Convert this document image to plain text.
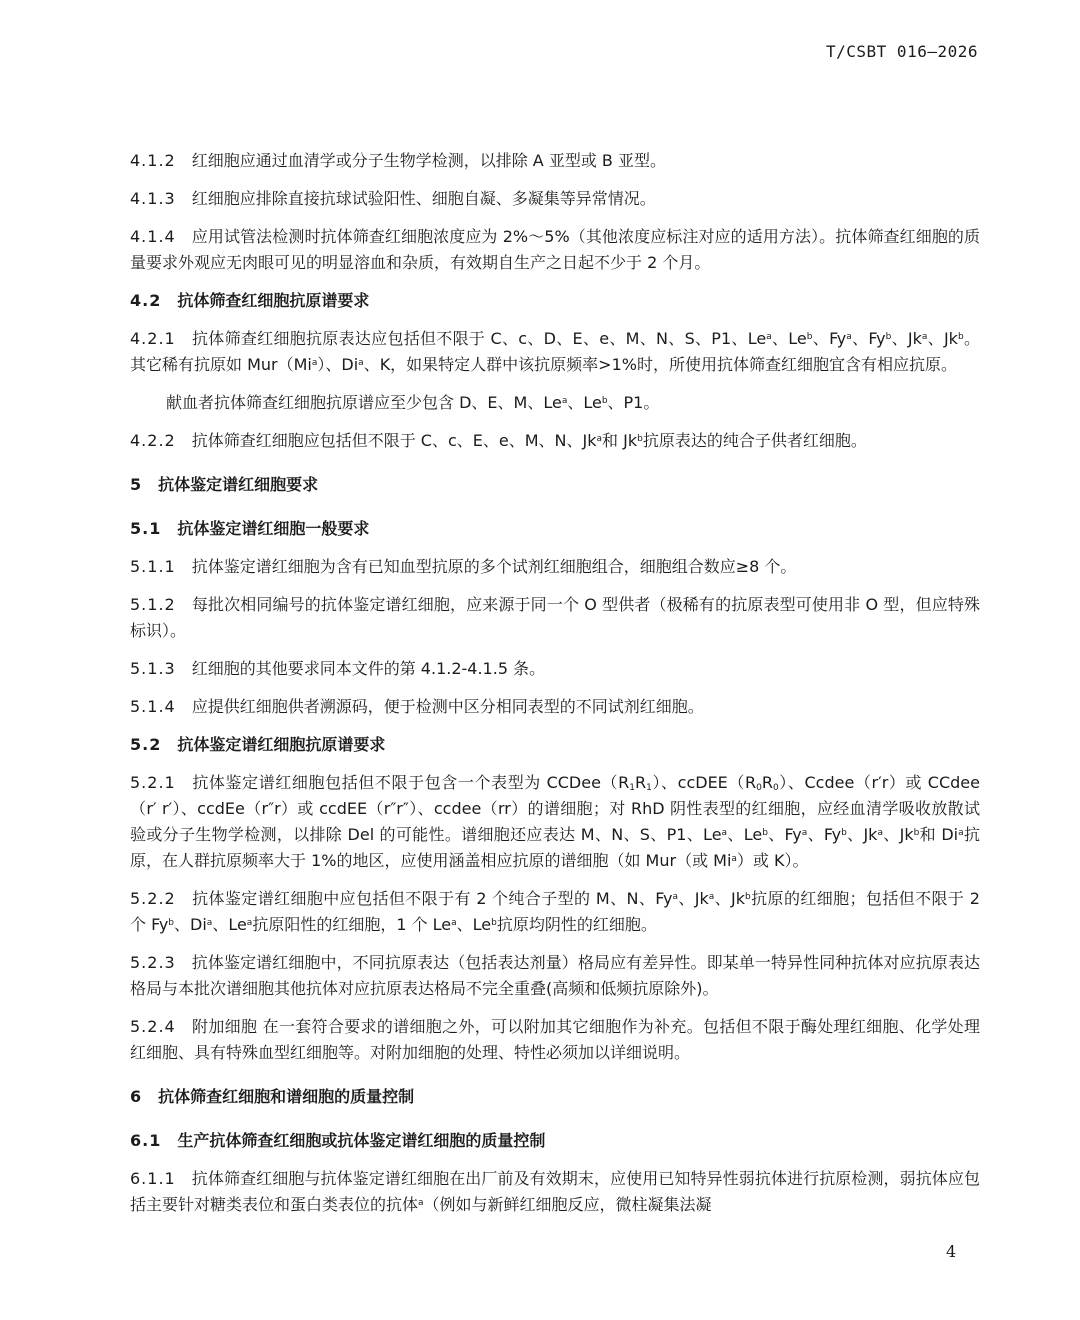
T/CSBT 016—2026

4.1.2 红细胞应通过血清学或分子生物学检测，以排除 A 亚型或 B 亚型。

4.1.3 红细胞应排除直接抗球试验阳性、细胞自凝、多凝集等异常情况。

4.1.4 应用试管法检测时抗体筛查红细胞浓度应为 2%～5%（其他浓度应标注对应的适用方法）。抗体筛查红细胞的质量要求外观应无肉眼可见的明显溶血和杂质，有效期自生产之日起不少于 2 个月。

4.2 抗体筛查红细胞抗原谱要求

4.2.1 抗体筛查红细胞抗原表达应包括但不限于 C、c、D、E、e、M、N、S、P1、Le$^a$、Le$^b$、Fy$^a$、Fy$^b$、Jk$^a$、Jk$^b$。其它稀有抗原如 Mur（Mi$^a$）、Di$^a$、K，如果特定人群中该抗原频率>1%时，所使用抗体筛查红细胞宜含有相应抗原。

献血者抗体筛查红细胞抗原谱应至少包含 D、E、M、Le$^a$、Le$^b$、P1。

4.2.2 抗体筛查红细胞应包括但不限于 C、c、E、e、M、N、Jk$^a$和 Jk$^b$抗原表达的纯合子供者红细胞。

5 抗体鉴定谱红细胞要求

5.1 抗体鉴定谱红细胞一般要求

5.1.1 抗体鉴定谱红细胞为含有已知血型抗原的多个试剂红细胞组合，细胞组合数应≥8 个。

5.1.2 每批次相同编号的抗体鉴定谱红细胞，应来源于同一个 O 型供者（极稀有的抗原表型可使用非 O 型，但应特殊标识）。

5.1.3 红细胞的其他要求同本文件的第 4.1.2-4.1.5 条。

5.1.4 应提供红细胞供者溯源码，便于检测中区分相同表型的不同试剂红细胞。

5.2 抗体鉴定谱红细胞抗原谱要求

5.2.1 抗体鉴定谱红细胞包括但不限于包含一个表型为 $CCDee(R_1R_1)$、$ccDEE(R_0R_0)$、Ccdee（r′r）或 CCdee（r′ r′）、ccdEe（r″r）或 ccdEE（r″r″）、ccdee（rr）的谱细胞；对 RhD 阴性表型的红细胞，应经血清学吸收放散试验或分子生物学检测，以排除 Del 的可能性。谱细胞还应表达 M、N、S、P1、Le$^a$、Le$^b$、Fy$^a$、Fy$^b$、Jk$^a$、Jk$^b$和 Di$^a$抗原，在人群抗原频率大于 1%的地区，应使用涵盖相应抗原的谱细胞（如 Mur（或 Mi$^a$）或 K）。

5.2.2 抗体鉴定谱红细胞中应包括但不限于有 2 个纯合子型的 M、N、Fy$^a$、Jk$^a$、Jk$^b$抗原的红细胞；包括但不限于 2 个 Fy$^b$、Di$^a$、Le$^a$抗原阳性的红细胞，1 个 Le$^a$、Le$^b$抗原均阴性的红细胞。

5.2.3 抗体鉴定谱红细胞中，不同抗原表达（包括表达剂量）格局应有差异性。即某单一特异性同种抗体对应抗原表达格局与本批次谱细胞其他抗体对应抗原表达格局不完全重叠(高频和低频抗原除外)。

5.2.4 附加细胞 在一套符合要求的谱细胞之外，可以附加其它细胞作为补充。包括但不限于酶处理红细胞、化学处理红细胞、具有特殊血型红细胞等。对附加细胞的处理、特性必须加以详细说明。

6 抗体筛查红细胞和谱细胞的质量控制

6.1 生产抗体筛查红细胞或抗体鉴定谱红细胞的质量控制

6.1.1 抗体筛查红细胞与抗体鉴定谱红细胞在出厂前及有效期末，应使用已知特异性弱抗体进行抗原检测，弱抗体应包括主要针对糖类表位和蛋白类表位的抗体$^a$（例如与新鲜红细胞反应，微柱凝集法凝

4
